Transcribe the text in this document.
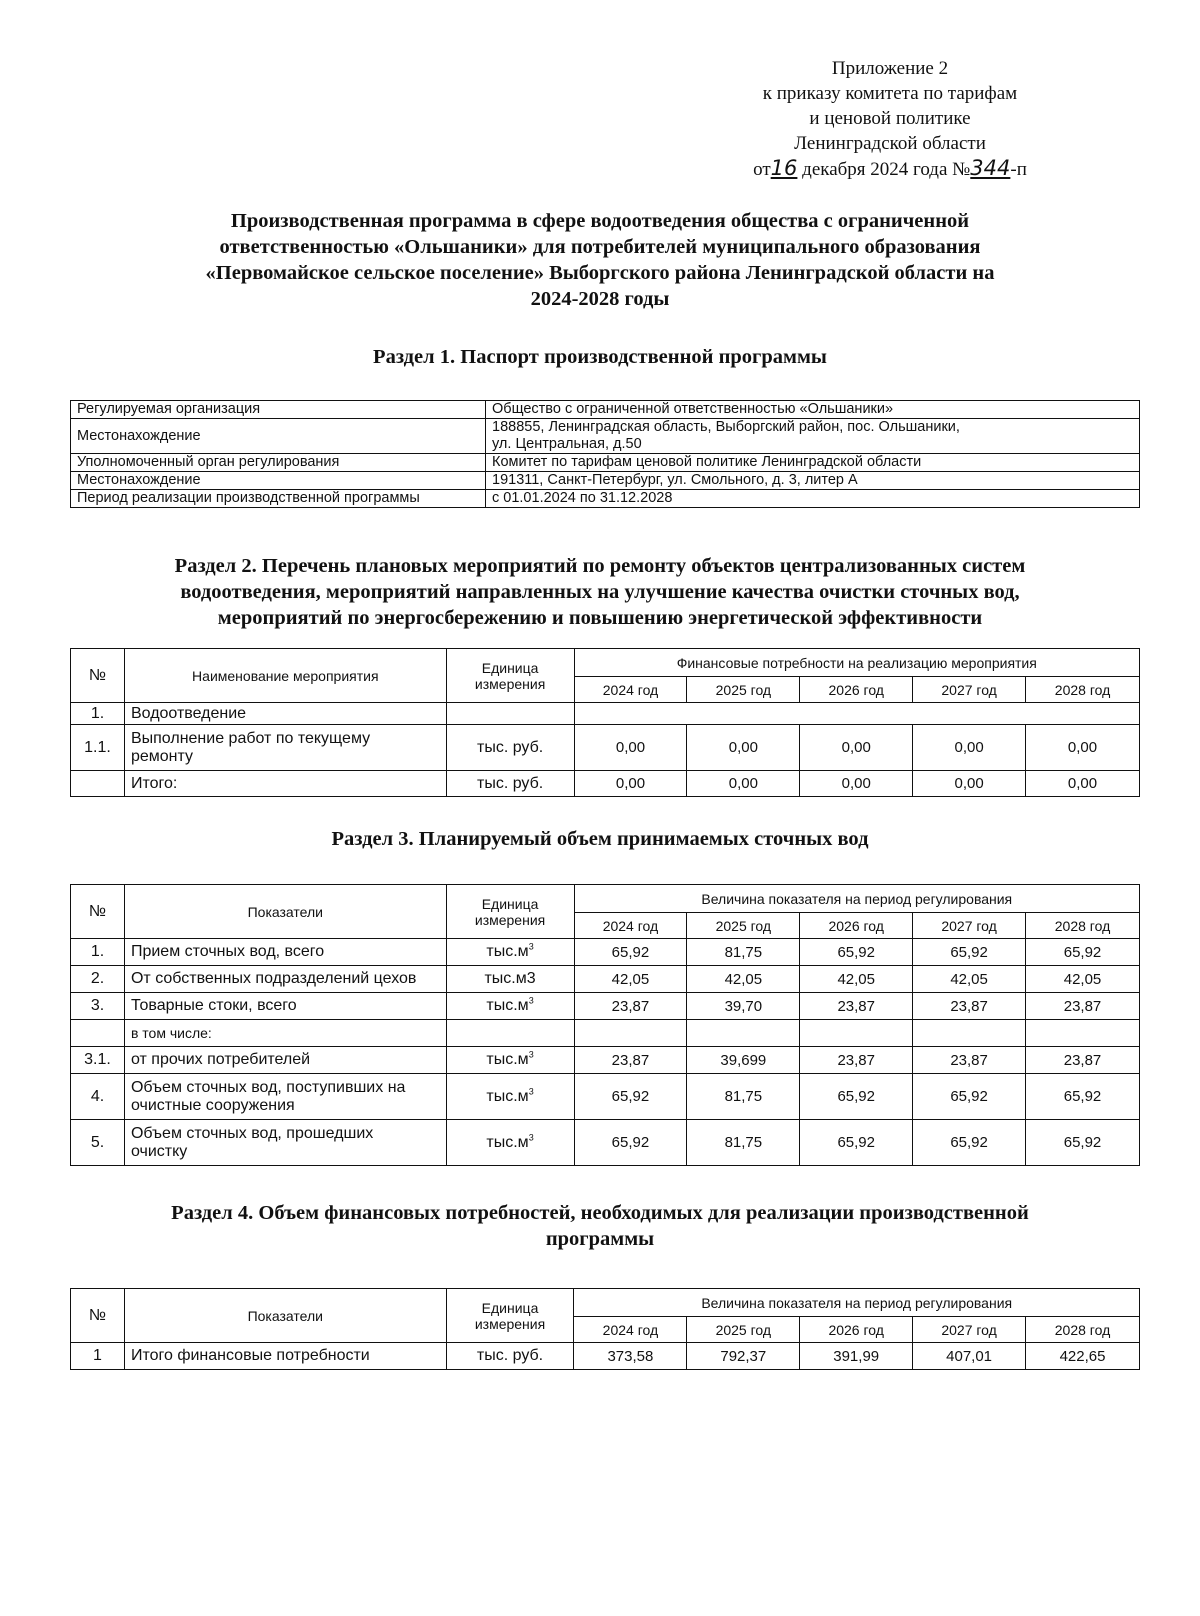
Приложение 2
к приказу комитета по тарифам
и ценовой политике
Ленинградской области
от16 декабря 2024 года №344-п
Производственная программа в сфере водоотведения общества с ограниченной
ответственностью «Ольшаники» для потребителей муниципального образования
«Первомайское сельское поселение» Выборгского района Ленинградской области на
2024-2028 годы
Раздел 1. Паспорт производственной программы
Регулируемая организация	Общество с ограниченной ответственностью «Ольшаники»
Местонахождение	188855, Ленинградская область, Выборгский район, пос. Ольшаники,
ул. Центральная, д.50

Уполномоченный орган регулирования	Комитет по тарифам ценовой политике Ленинградской области
Местонахождение	191311, Санкт-Петербург, ул. Смольного, д. 3, литер А
Период реализации производственной программы	с 01.01.2024 по 31.12.2028
Раздел 2. Перечень плановых мероприятий по ремонту объектов централизованных систем
водоотведения, мероприятий направленных на улучшение качества очистки сточных вод,
мероприятий по энергосбережению и повышению энергетической эффективности
№	Наименование мероприятия	Единица
измерения	Финансовые потребности на реализацию мероприятия				
			2024 год	2025 год	2026 год	2027 год	2028 год
1.	Водоотведение						
1.1.	Выполнение работ по текущему
ремонту	тыс. руб.	0,00	0,00	0,00	0,00	0,00
	Итого:	тыс. руб.	0,00	0,00	0,00	0,00	0,00
Раздел 3. Планируемый объем принимаемых сточных вод
№	Показатели	Единица
измерения	Величина показателя на период регулирования				
			2024 год	2025 год	2026 год	2027 год	2028 год
1.	Прием сточных вод, всего	$тыс.м^3$	65,92	81,75	65,92	65,92	65,92
2.	От собственных подразделений цехов	тыс.м3	42,05	42,05	42,05	42,05	42,05
3.	Товарные стоки, всего	$тыс.м^3$	23,87	39,70	23,87	23,87	23,87
	в том числе:						
3.1.	от прочих потребителей	$тыс.м^3$	23,87	39,699	23,87	23,87	23,87
4.	Объем сточных вод, поступивших на
очистные сооружения	$тыс.м^3$	65,92	81,75	65,92	65,92	65,92
5.	Объем сточных вод, прошедших
очистку	$тыс.м^3$	65,92	81,75	65,92	65,92	65,92
Раздел 4. Объем финансовых потребностей, необходимых для реализации производственной
программы
№	Показатели	Единица
измерения	Величина показателя на период регулирования				
			2024 год	2025 год	2026 год	2027 год	2028 год
1	Итого финансовые потребности	тыс. руб.	373,58	792,37	391,99	407,01	422,65
